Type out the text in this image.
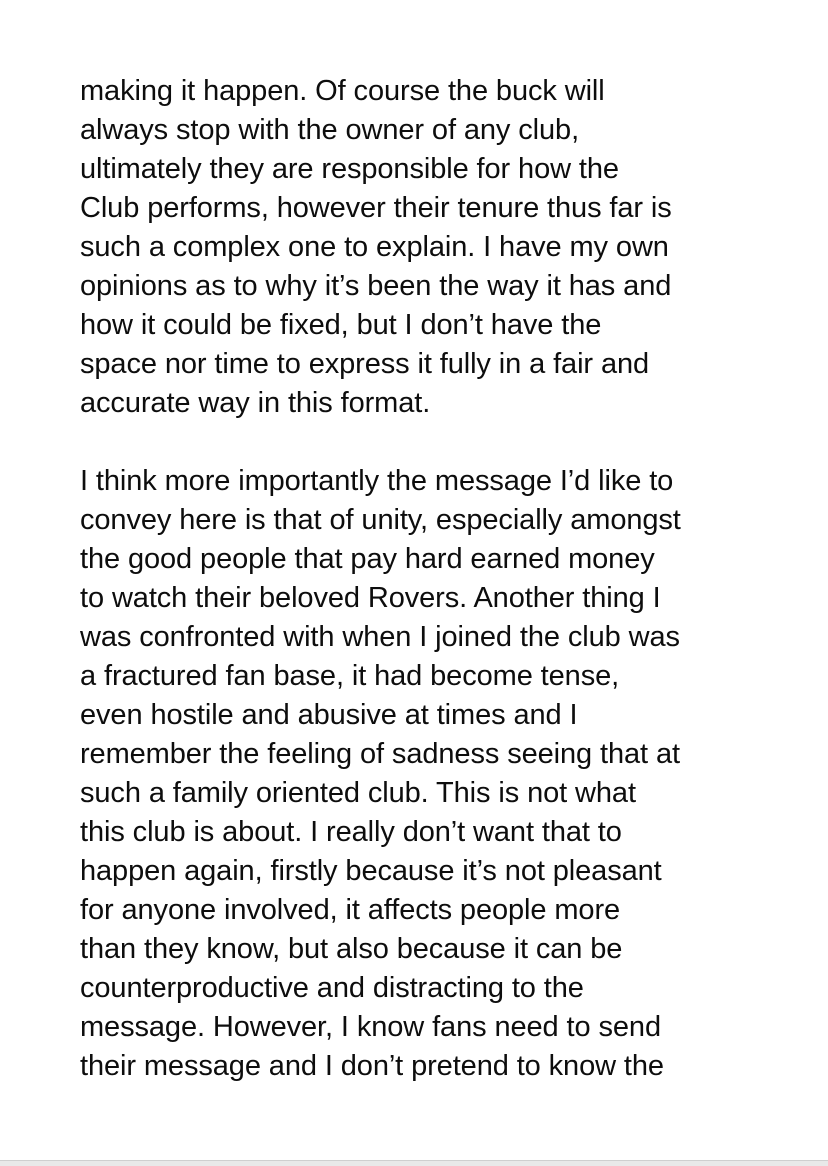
making it happen. Of course the buck will
always stop with the owner of any club,
ultimately they are responsible for how the
Club performs, however their tenure thus far is
such a complex one to explain. I have my own
opinions as to why it’s been the way it has and
how it could be fixed, but I don’t have the
space nor time to express it fully in a fair and
accurate way in this format.
I think more importantly the message I’d like to
convey here is that of unity, especially amongst
the good people that pay hard earned money
to watch their beloved Rovers. Another thing I
was confronted with when I joined the club was
a fractured fan base, it had become tense,
even hostile and abusive at times and I
remember the feeling of sadness seeing that at
such a family oriented club. This is not what
this club is about. I really don’t want that to
happen again, firstly because it’s not pleasant
for anyone involved, it affects people more
than they know, but also because it can be
counterproductive and distracting to the
message. However, I know fans need to send
their message and I don’t pretend to know the
